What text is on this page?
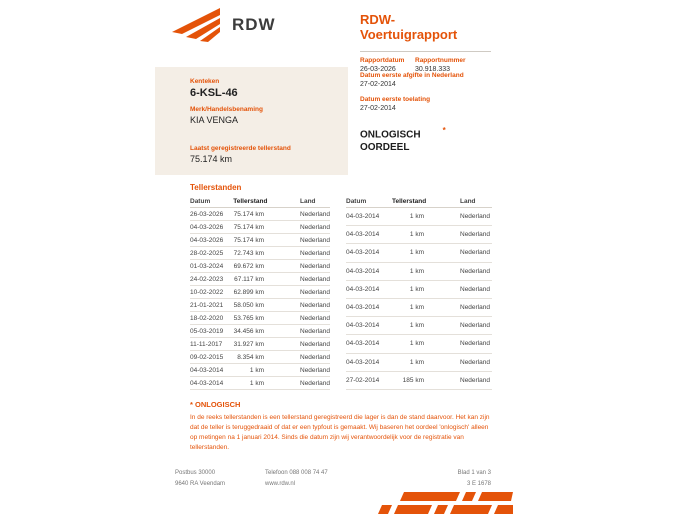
RDW	RDW-Voertuigrapport
Rapportdatum
26-03-2026
Rapportnummer
30.918.333
Kenteken
6-KSL-46
Merk/Handelsbenaming
KIA VENGA
Laatst geregistreerde tellerstand
75.174 km
Datum eerste afgifte in Nederland
27-02-2014
Datum eerste toelating
27-02-2014
ONLOGISCH	*
OORDEEL
Tellerstanden
Datum	Tellerstand	Land
26-03-2026	75.174 km	Nederland
04-03-2026	75.174 km	Nederland
04-03-2026	75.174 km	Nederland
28-02-2025	72.743 km	Nederland
01-03-2024	69.672 km	Nederland
24-02-2023	67.117 km	Nederland
10-02-2022	62.899 km	Nederland
21-01-2021	58.050 km	Nederland
18-02-2020	53.765 km	Nederland
05-03-2019	34.456 km	Nederland
11-11-2017	31.927 km	Nederland
09-02-2015	8.354 km	Nederland
04-03-2014	1 km	Nederland
04-03-2014	1 km	Nederland
Datum	Tellerstand	Land
04-03-2014	1 km	Nederland
04-03-2014	1 km	Nederland
04-03-2014	1 km	Nederland
04-03-2014	1 km	Nederland
04-03-2014	1 km	Nederland
04-03-2014	1 km	Nederland
04-03-2014	1 km	Nederland
04-03-2014	1 km	Nederland
04-03-2014	1 km	Nederland
27-02-2014	185 km	Nederland
* ONLOGISCH

In de reeks tellerstanden is een tellerstand geregistreerd die lager is dan de stand daarvoor. Het kan zijn dat de teller is teruggedraaid of dat er een typfout is gemaakt. Wij baseren het oordeel 'onlogisch' alleen op metingen na 1 januari 2014. Sinds die datum zijn wij verantwoordelijk voor de registratie van tellerstanden.

Postbus 30000
9640 RA Veendam
Telefoon 088 008 74 47
www.rdw.nl
Blad 1 van 3
3 E 1678
